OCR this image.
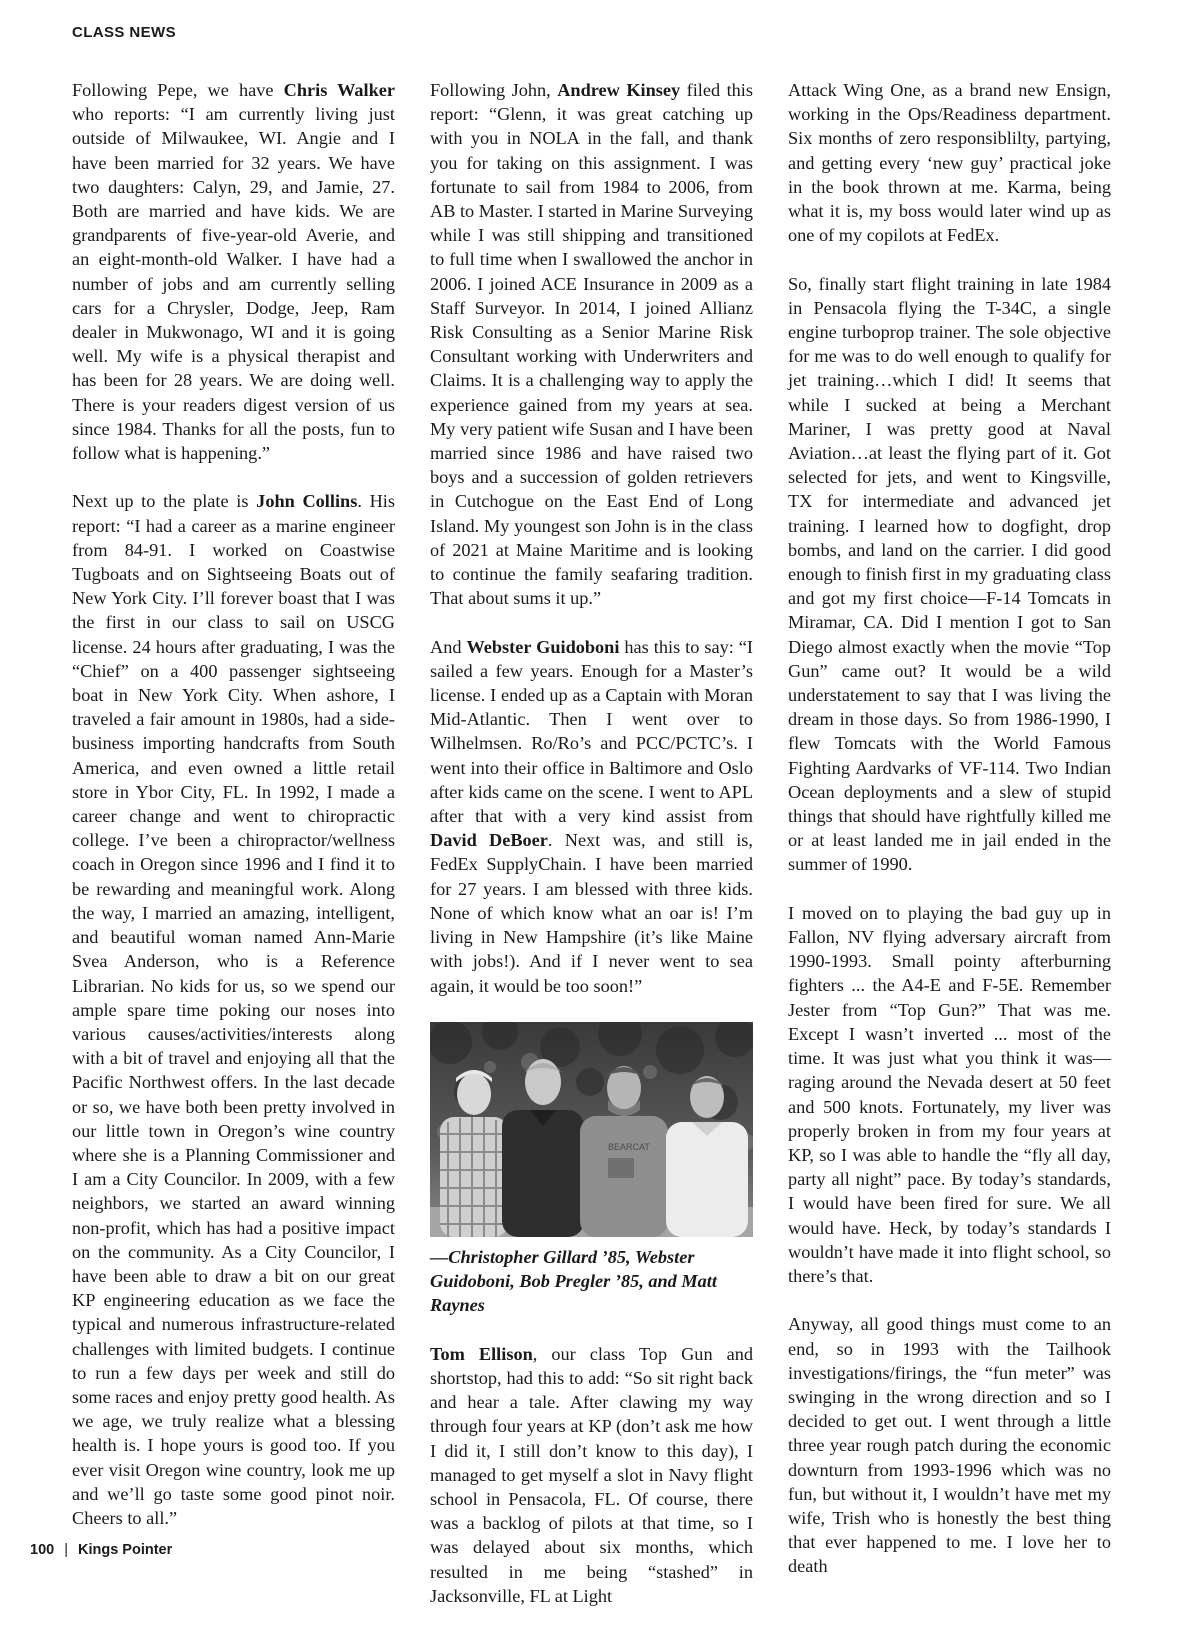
CLASS NEWS

Following Pepe, we have Chris Walker who reports: “I am currently living just outside of Milwaukee, WI. Angie and I have been married for 32 years. We have two daughters: Calyn, 29, and Jamie, 27. Both are married and have kids. We are grandparents of five-year-old Averie, and an eight-month-old Walker. I have had a number of jobs and am currently selling cars for a Chrysler, Dodge, Jeep, Ram dealer in Mukwonago, WI and it is going well. My wife is a physical therapist and has been for 28 years. We are doing well. There is your readers digest version of us since 1984. Thanks for all the posts, fun to follow what is happening.”

Next up to the plate is John Collins. His report: “I had a career as a marine engineer from 84-91. I worked on Coastwise Tugboats and on Sightseeing Boats out of New York City. I’ll forever boast that I was the first in our class to sail on USCG license. 24 hours after graduating, I was the “Chief” on a 400 passenger sightseeing boat in New York City. When ashore, I traveled a fair amount in 1980s, had a side-business importing handcrafts from South America, and even owned a little retail store in Ybor City, FL. In 1992, I made a career change and went to chiropractic college. I’ve been a chiropractor/wellness coach in Oregon since 1996 and I find it to be rewarding and meaningful work. Along the way, I married an amazing, intelligent, and beautiful woman named Ann-Marie Svea Anderson, who is a Reference Librarian. No kids for us, so we spend our ample spare time poking our noses into various causes/activities/interests along with a bit of travel and enjoying all that the Pacific Northwest offers. In the last decade or so, we have both been pretty involved in our little town in Oregon’s wine country where she is a Planning Commissioner and I am a City Councilor. In 2009, with a few neighbors, we started an award winning non-profit, which has had a positive impact on the community. As a City Councilor, I have been able to draw a bit on our great KP engineering education as we face the typical and numerous infrastructure-related challenges with limited budgets. I continue to run a few days per week and still do some races and enjoy pretty good health. As we age, we truly realize what a blessing health is. I hope yours is good too. If you ever visit Oregon wine country, look me up and we’ll go taste some good pinot noir. Cheers to all.”

Following John, Andrew Kinsey filed this report: “Glenn, it was great catching up with you in NOLA in the fall, and thank you for taking on this assignment. I was fortunate to sail from 1984 to 2006, from AB to Master. I started in Marine Surveying while I was still shipping and transitioned to full time when I swallowed the anchor in 2006. I joined ACE Insurance in 2009 as a Staff Surveyor. In 2014, I joined Allianz Risk Consulting as a Senior Marine Risk Consultant working with Underwriters and Claims. It is a challenging way to apply the experience gained from my years at sea. My very patient wife Susan and I have been married since 1986 and have raised two boys and a succession of golden retrievers in Cutchogue on the East End of Long Island. My youngest son John is in the class of 2021 at Maine Maritime and is looking to continue the family seafaring tradition. That about sums it up.”

And Webster Guidoboni has this to say: “I sailed a few years. Enough for a Master’s license. I ended up as a Captain with Moran Mid-Atlantic. Then I went over to Wilhelmsen. Ro/Ro’s and PCC/PCTC’s. I went into their office in Baltimore and Oslo after kids came on the scene. I went to APL after that with a very kind assist from David DeBoer. Next was, and still is, FedEx SupplyChain. I have been married for 27 years. I am blessed with three kids. None of which know what an oar is! I’m living in New Hampshire (it’s like Maine with jobs!). And if I never went to sea again, it would be too soon!”

BEARCAT

—Christopher Gillard ’85, Webster Guidoboni, Bob Pregler ’85, and Matt Raynes

Tom Ellison, our class Top Gun and shortstop, had this to add: “So sit right back and hear a tale. After clawing my way through four years at KP (don’t ask me how I did it, I still don’t know to this day), I managed to get myself a slot in Navy flight school in Pensacola, FL. Of course, there was a backlog of pilots at that time, so I was delayed about six months, which resulted in me being “stashed” in Jacksonville, FL at Light

Attack Wing One, as a brand new Ensign, working in the Ops/Readiness department. Six months of zero responsiblilty, partying, and getting every ‘new guy’ practical joke in the book thrown at me. Karma, being what it is, my boss would later wind up as one of my copilots at FedEx.

So, finally start flight training in late 1984 in Pensacola flying the T-34C, a single engine turboprop trainer. The sole objective for me was to do well enough to qualify for jet training…which I did! It seems that while I sucked at being a Merchant Mariner, I was pretty good at Naval Aviation…at least the flying part of it. Got selected for jets, and went to Kingsville, TX for intermediate and advanced jet training. I learned how to dogfight, drop bombs, and land on the carrier. I did good enough to finish first in my graduating class and got my first choice—F-14 Tomcats in Miramar, CA. Did I mention I got to San Diego almost exactly when the movie “Top Gun” came out? It would be a wild understatement to say that I was living the dream in those days. So from 1986-1990, I flew Tomcats with the World Famous Fighting Aardvarks of VF-114. Two Indian Ocean deployments and a slew of stupid things that should have rightfully killed me or at least landed me in jail ended in the summer of 1990.

I moved on to playing the bad guy up in Fallon, NV flying adversary aircraft from 1990-1993. Small pointy afterburning fighters ... the A4-E and F-5E. Remember Jester from “Top Gun?” That was me. Except I wasn’t inverted ... most of the time. It was just what you think it was—raging around the Nevada desert at 50 feet and 500 knots. Fortunately, my liver was properly broken in from my four years at KP, so I was able to handle the “fly all day, party all night” pace. By today’s standards, I would have been fired for sure. We all would have. Heck, by today’s standards I wouldn’t have made it into flight school, so there’s that.

Anyway, all good things must come to an end, so in 1993 with the Tailhook investigations/firings, the “fun meter” was swinging in the wrong direction and so I decided to get out. I went through a little three year rough patch during the economic downturn from 1993-1996 which was no fun, but without it, I wouldn’t have met my wife, Trish who is honestly the best thing that ever happened to me. I love her to death

100 | Kings Pointer
